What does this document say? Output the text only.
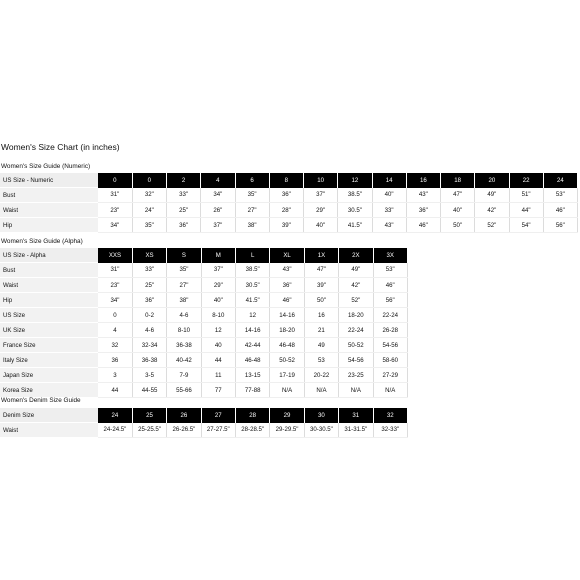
Women's Size Chart (in inches)
Women's Size Guide (Numeric)
US Size - Numeric	0	0	2	4	6	8	10	12	14	16	18	20	22	24
Bust	31"	32"	33"	34"	35"	36"	37"	38.5"	40"	43"	47"	49"	51"	53"
Waist	23"	24"	25"	26"	27"	28"	29"	30.5"	33"	36"	40"	42"	44"	46"
Hip	34"	35"	36"	37"	38"	39"	40"	41.5"	43"	46"	50"	52"	54"	56"
Women's Size Guide (Alpha)
US Size - Alpha	XXS	XS	S	M	L	XL	1X	2X	3X
Bust	31"	33"	35"	37"	38.5"	43"	47"	49"	53"
Waist	23"	25"	27"	29"	30.5"	36"	39"	42"	46"
Hip	34"	36"	38"	40"	41.5"	46"	50"	52"	56"
US Size	0	0-2	4-6	8-10	12	14-16	16	18-20	22-24
UK Size	4	4-6	8-10	12	14-16	18-20	21	22-24	26-28
France Size	32	32-34	36-38	40	42-44	46-48	49	50-52	54-56
Italy Size	36	36-38	40-42	44	46-48	50-52	53	54-56	58-60
Japan Size	3	3-5	7-9	11	13-15	17-19	20-22	23-25	27-29
Korea Size	44	44-55	55-66	77	77-88	N/A	N/A	N/A	N/A
Women's Denim Size Guide
Denim Size	24	25	26	27	28	29	30	31	32
Waist	24-24.5"	25-25.5"	26-26.5"	27-27.5"	28-28.5"	29-29.5"	30-30.5"	31-31.5"	32-33"
